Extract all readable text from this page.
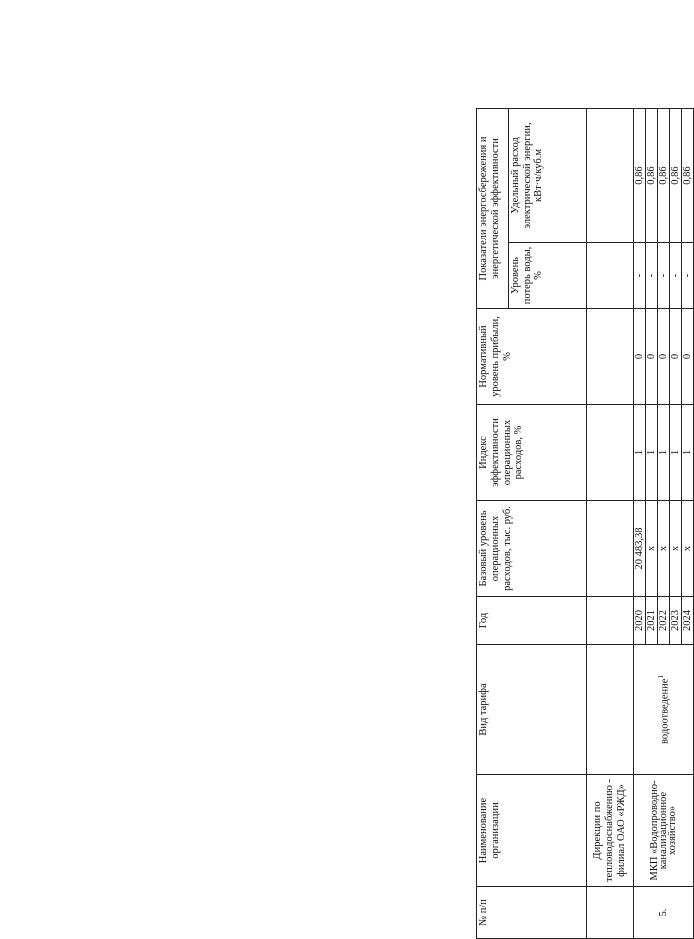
№ п/п	Наименование организации	Вид тарифа	Год	Базовый уровень операционных расходов, тыс. руб.	Индекс эффективности операционных расходов, %	Нормативный уровень прибыли, %	Показатели энергосбережения и энергетической эффективности	
							Уровень потерь воды, %	Удельный расход электрической энергии, кВт·ч/куб.м
	Дирекции по тепловодоснабжению - филиал ОАО «РЖД»							
5.	МКП «Водопроводно-канализационное хозяйство»	водоотведение$^1$	2020	20 483,38	1	0	-	0,86
			2021	x	1	0	-	0,86
			2022	x	1	0	-	0,86
			2023	x	1	0	-	0,86
			2024	x	1	0	-	0,86
